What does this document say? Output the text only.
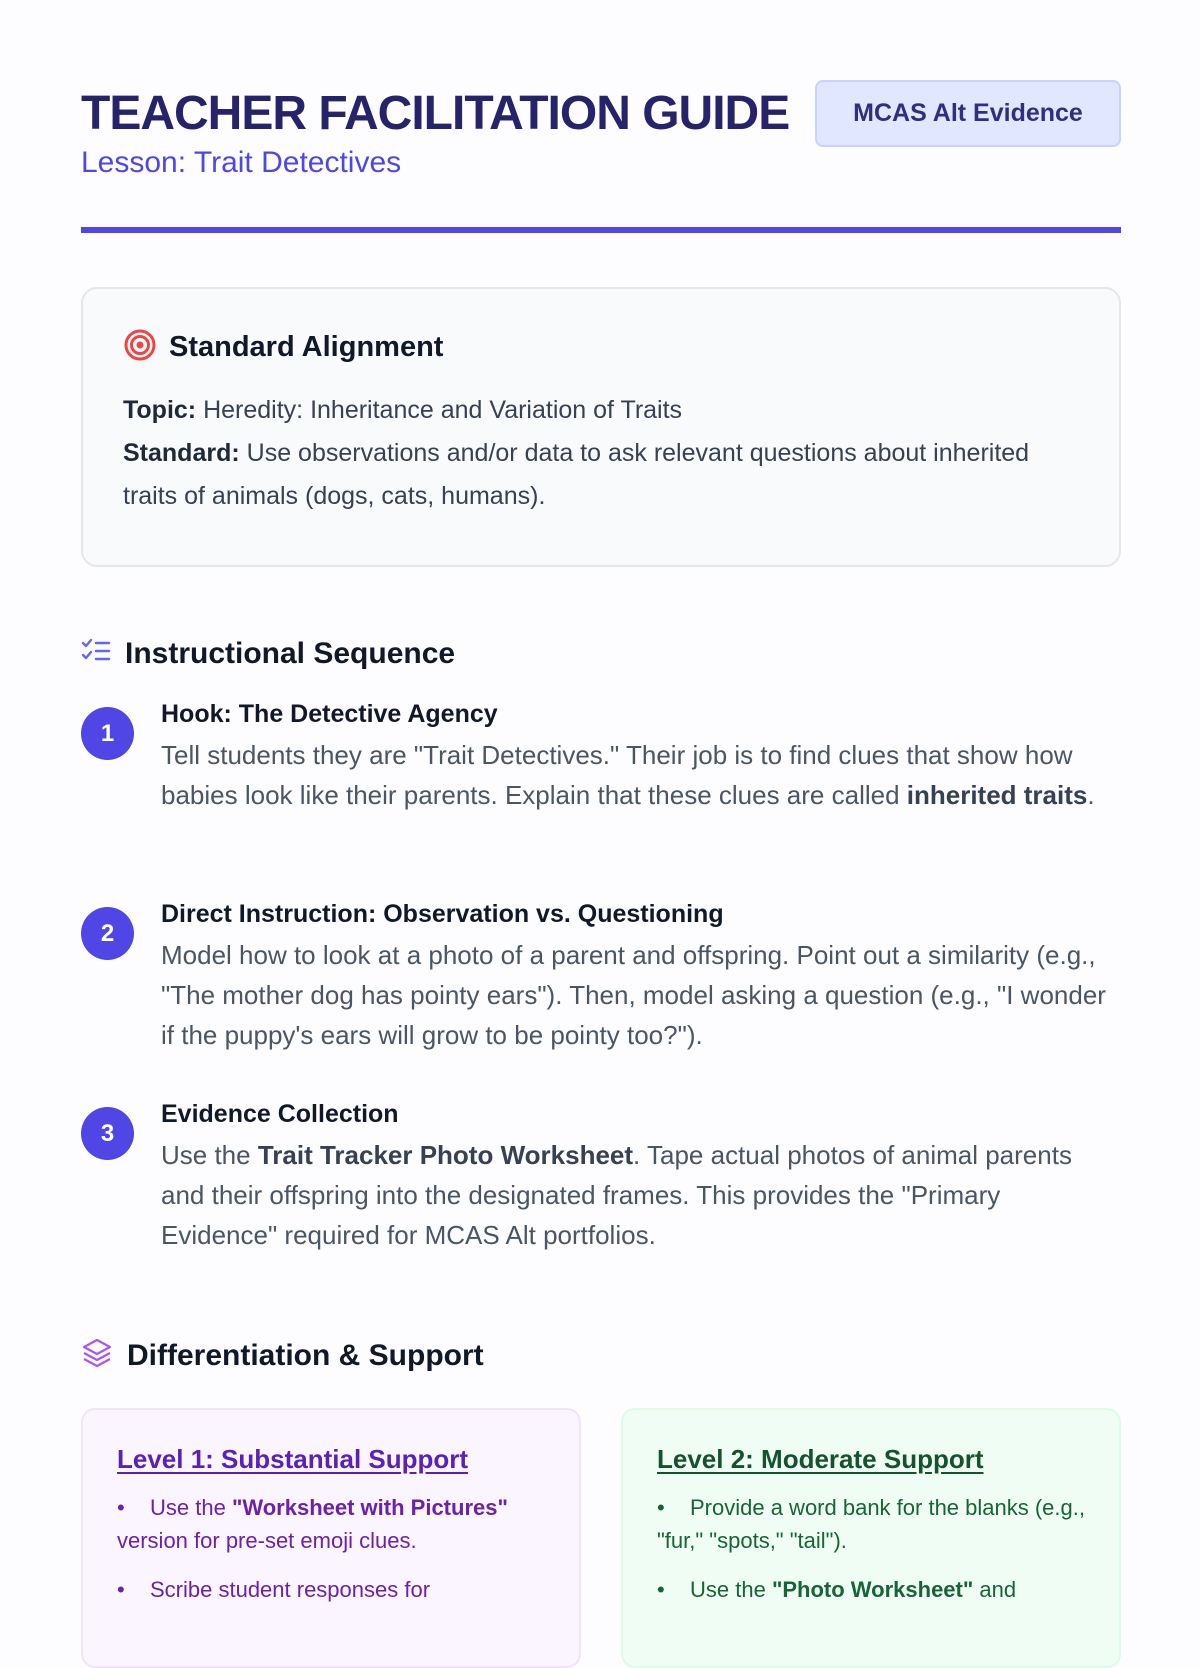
TEACHER FACILITATION GUIDE

Lesson: Trait Detectives

MCAS Alt Evidence
Standard Alignment
Topic: Heredity: Inheritance and Variation of Traits
Standard: Use observations and/or data to ask relevant questions about inherited traits of animals (dogs, cats, humans).
Instructional Sequence
1

Hook: The Detective Agency

Tell students they are "Trait Detectives." Their job is to find clues that show how babies look like their parents. Explain that these clues are called inherited traits.

2

Direct Instruction: Observation vs. Questioning

Model how to look at a photo of a parent and offspring. Point out a similarity (e.g., "The mother dog has pointy ears"). Then, model asking a question (e.g., "I wonder if the puppy's ears will grow to be pointy too?").

3

Evidence Collection

Use the Trait Tracker Photo Worksheet. Tape actual photos of animal parents and their offspring into the designated frames. This provides the "Primary Evidence" required for MCAS Alt portfolios.

Differentiation & Support
Level 1: Substantial Support
• Use the "Worksheet with Pictures" version for pre-set emoji clues.
• Scribe student responses for
Level 2: Moderate Support
• Provide a word bank for the blanks (e.g., "fur," "spots," "tail").
• Use the "Photo Worksheet" and
